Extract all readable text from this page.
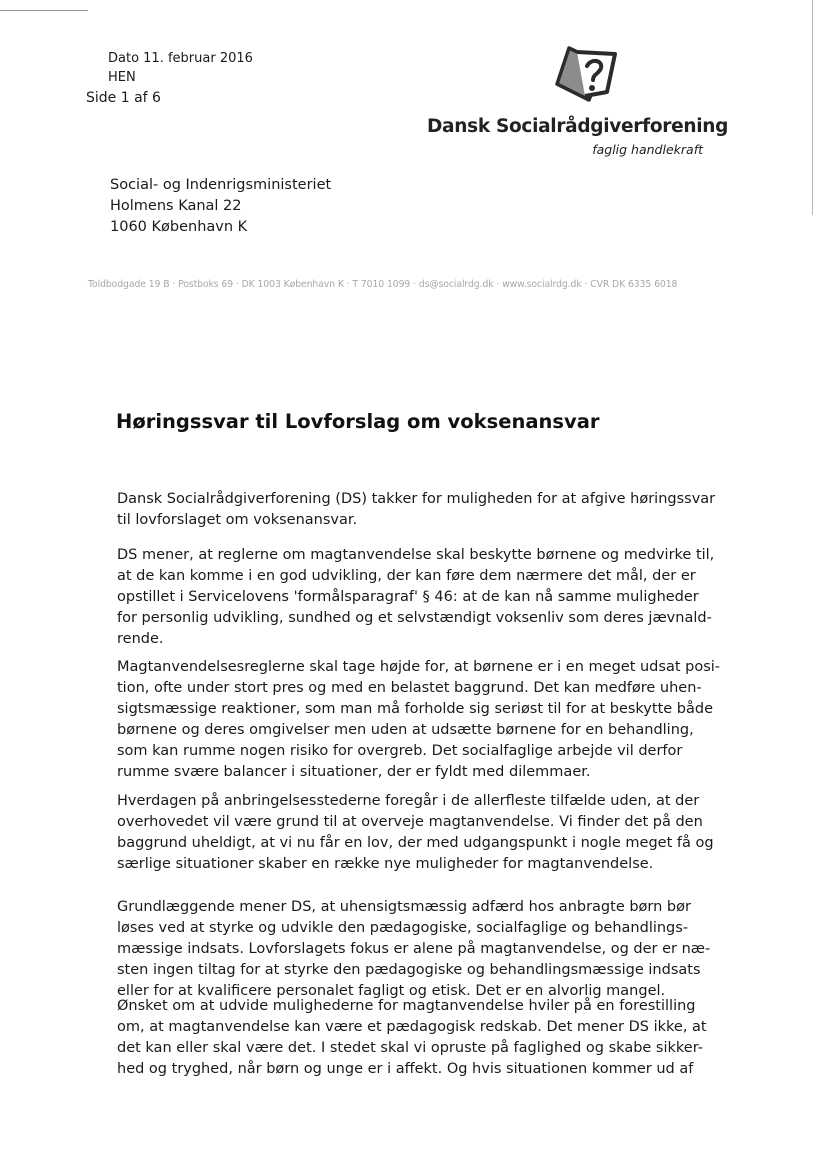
Dato 11. februar 2016
HEN
Side 1 af 6
Dansk Socialrådgiverforening
faglig handlekraft
Social- og Indenrigsministeriet
Holmens Kanal 22
1060 København K
Toldbodgade 19 B · Postboks 69 · DK 1003 København K · T 7010 1099 · ds@socialrdg.dk · www.socialrdg.dk · CVR DK 6335 6018
Høringssvar til Lovforslag om voksenansvar
Dansk Socialrådgiverforening (DS) takker for muligheden for at afgive høringssvar
til lovforslaget om voksenansvar.
DS mener, at reglerne om magtanvendelse skal beskytte børnene og medvirke til,
at de kan komme i en god udvikling, der kan føre dem nærmere det mål, der er
opstillet i Servicelovens 'formålsparagraf' § 46: at de kan nå samme muligheder
for personlig udvikling, sundhed og et selvstændigt voksenliv som deres jævnald-
rende.
Magtanvendelsesreglerne skal tage højde for, at børnene er i en meget udsat posi-
tion, ofte under stort pres og med en belastet baggrund. Det kan medføre uhen-
sigtsmæssige reaktioner, som man må forholde sig seriøst til for at beskytte både
børnene og deres omgivelser men uden at udsætte børnene for en behandling,
som kan rumme nogen risiko for overgreb. Det socialfaglige arbejde vil derfor
rumme svære balancer i situationer, der er fyldt med dilemmaer.
Hverdagen på anbringelsesstederne foregår i de allerfleste tilfælde uden, at der
overhovedet vil være grund til at overveje magtanvendelse. Vi finder det på den
baggrund uheldigt, at vi nu får en lov, der med udgangspunkt i nogle meget få og
særlige situationer skaber en række nye muligheder for magtanvendelse.
Grundlæggende mener DS, at uhensigtsmæssig adfærd hos anbragte børn bør
løses ved at styrke og udvikle den pædagogiske, socialfaglige og behandlings-
mæssige indsats. Lovforslagets fokus er alene på magtanvendelse, og der er næ-
sten ingen tiltag for at styrke den pædagogiske og behandlingsmæssige indsats
eller for at kvalificere personalet fagligt og etisk. Det er en alvorlig mangel.
Ønsket om at udvide mulighederne for magtanvendelse hviler på en forestilling
om, at magtanvendelse kan være et pædagogisk redskab. Det mener DS ikke, at
det kan eller skal være det. I stedet skal vi opruste på faglighed og skabe sikker-
hed og tryghed, når børn og unge er i affekt. Og hvis situationen kommer ud af
